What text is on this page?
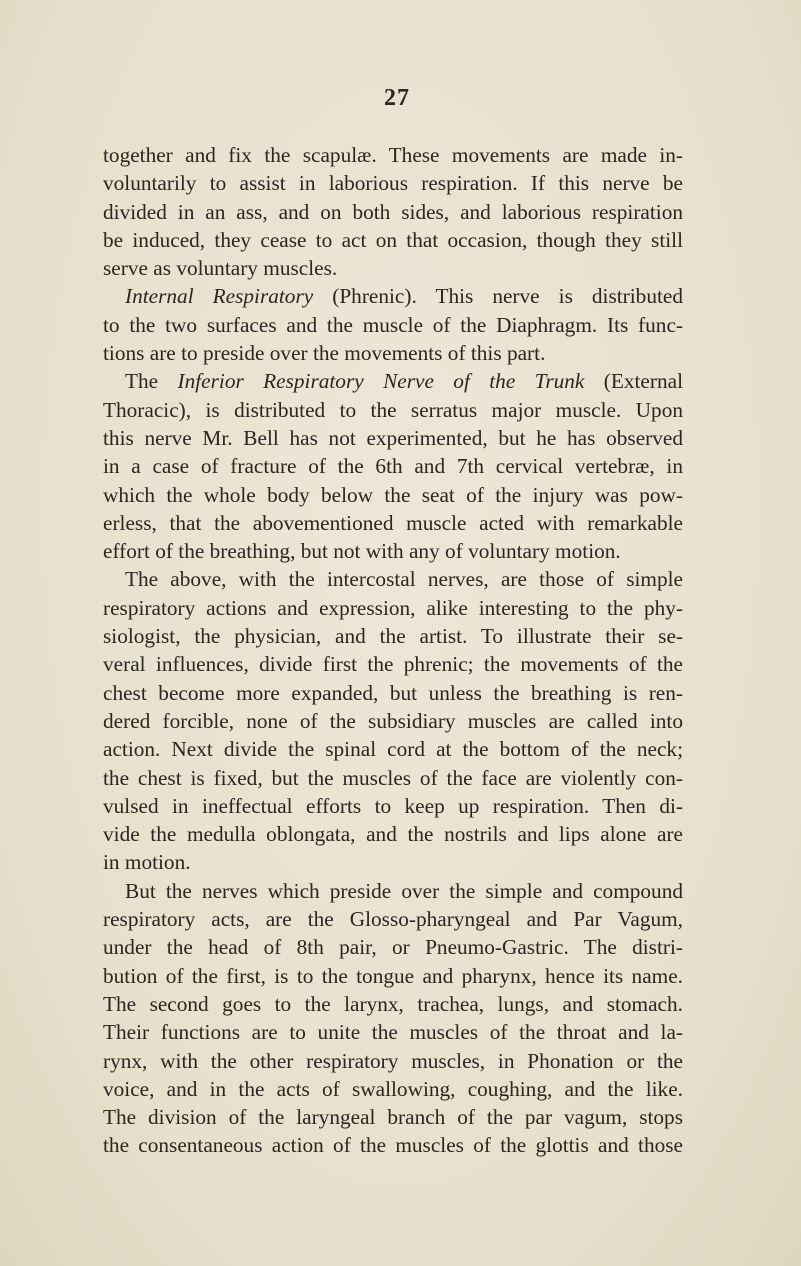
27
together and fix the scapulæ. These movements are made in-
voluntarily to assist in laborious respiration. If this nerve be
divided in an ass, and on both sides, and laborious respiration
be induced, they cease to act on that occasion, though they still
serve as voluntary muscles.
Internal Respiratory (Phrenic). This nerve is distributed
to the two surfaces and the muscle of the Diaphragm. Its func-
tions are to preside over the movements of this part.
The Inferior Respiratory Nerve of the Trunk (External
Thoracic), is distributed to the serratus major muscle. Upon
this nerve Mr. Bell has not experimented, but he has observed
in a case of fracture of the 6th and 7th cervical vertebræ, in
which the whole body below the seat of the injury was pow-
erless, that the abovementioned muscle acted with remarkable
effort of the breathing, but not with any of voluntary motion.
The above, with the intercostal nerves, are those of simple
respiratory actions and expression, alike interesting to the phy-
siologist, the physician, and the artist. To illustrate their se-
veral influences, divide first the phrenic; the movements of the
chest become more expanded, but unless the breathing is ren-
dered forcible, none of the subsidiary muscles are called into
action. Next divide the spinal cord at the bottom of the neck;
the chest is fixed, but the muscles of the face are violently con-
vulsed in ineffectual efforts to keep up respiration. Then di-
vide the medulla oblongata, and the nostrils and lips alone are
in motion.
But the nerves which preside over the simple and compound
respiratory acts, are the Glosso-pharyngeal and Par Vagum,
under the head of 8th pair, or Pneumo-Gastric. The distri-
bution of the first, is to the tongue and pharynx, hence its name.
The second goes to the larynx, trachea, lungs, and stomach.
Their functions are to unite the muscles of the throat and la-
rynx, with the other respiratory muscles, in Phonation or the
voice, and in the acts of swallowing, coughing, and the like.
The division of the laryngeal branch of the par vagum, stops
the consentaneous action of the muscles of the glottis and those
